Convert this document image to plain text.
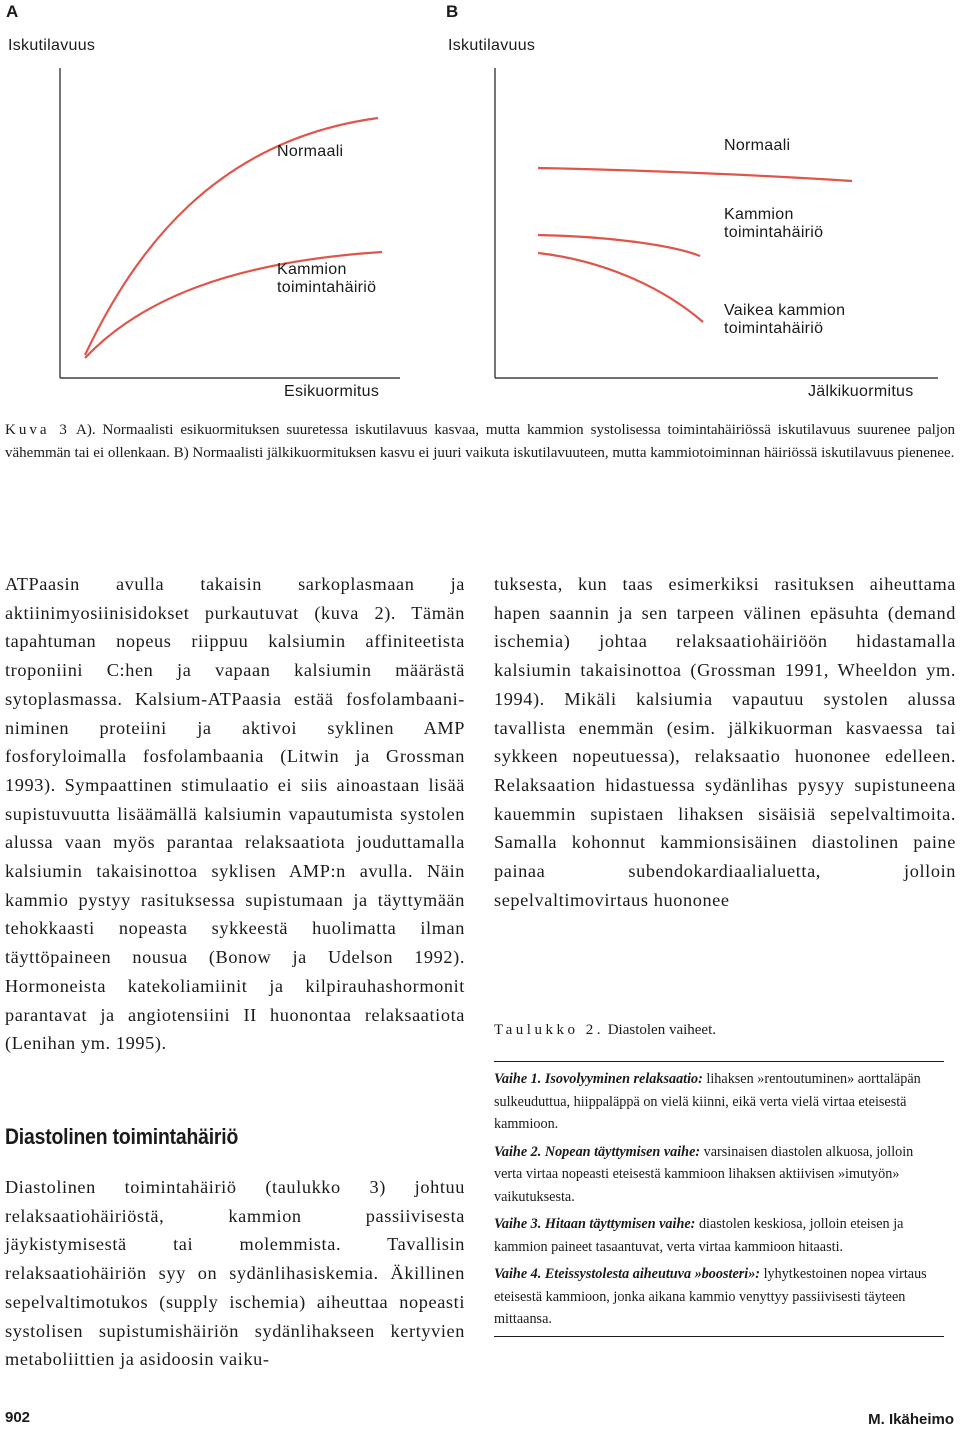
A
Iskutilavuus
Normaali
Kammion
toimintahäiriö
Esikuormitus
B
Iskutilavuus
Normaali
Kammion
toimintahäiriö
Vaikea kammion
toimintahäiriö
Jälkikuormitus
Kuva 3 A). Normaalisti esikuormituksen suuretessa iskutilavuus kasvaa, mutta kammion systolisessa toimintahäiriössä iskutilavuus suurenee paljon vähemmän tai ei ollenkaan. B) Normaalisti jälkikuormituksen kasvu ei juuri vaikuta iskutilavuuteen, mutta kammiotoiminnan häiriössä iskutilavuus pienenee.

ATPaasin avulla takaisin sarkoplasmaan ja aktiinimyosiinisidokset purkautuvat (kuva 2). Tämän tapahtuman nopeus riippuu kalsiumin affiniteetista troponiini C:hen ja vapaan kalsiumin määrästä sytoplasmassa. Kalsium-ATPaasia estää fosfolambaani-niminen proteiini ja aktivoi syklinen AMP fosforyloimalla fosfolambaania (Litwin ja Grossman 1993). Sympaattinen stimulaatio ei siis ainoastaan lisää supistuvuutta lisäämällä kalsiumin vapautumista systolen alussa vaan myös parantaa relaksaatiota jouduttamalla kalsiumin takaisinottoa syklisen AMP:n avulla. Näin kammio pystyy rasituksessa supistumaan ja täyttymään tehokkaasti nopeasta sykkeestä huolimatta ilman täyttöpaineen nousua (Bonow ja Udelson 1992). Hormoneista katekoliamiinit ja kilpirauhashormonit parantavat ja angiotensiini II huonontaa relaksaatiota (Lenihan ym. 1995).

Diastolinen toimintahäiriö

Diastolinen toimintahäiriö (taulukko 3) johtuu relaksaatiohäiriöstä, kammion passiivisesta jäykistymisestä tai molemmista. Tavallisin relaksaatiohäiriön syy on sydänlihasiskemia. Äkillinen sepelvaltimotukos (supply ischemia) aiheuttaa nopeasti systolisen supistumishäiriön sydänlihakseen kertyvien metaboliittien ja asidoosin vaiku-

tuksesta, kun taas esimerkiksi rasituksen aiheuttama hapen saannin ja sen tarpeen välinen epäsuhta (demand ischemia) johtaa relaksaatiohäiriöön hidastamalla kalsiumin takaisinottoa (Grossman 1991, Wheeldon ym. 1994). Mikäli kalsiumia vapautuu systolen alussa tavallista enemmän (esim. jälkikuorman kasvaessa tai sykkeen nopeutuessa), relaksaatio huononee edelleen. Relaksaation hidastuessa sydänlihas pysyy supistuneena kauemmin supistaen lihaksen sisäisiä sepelvaltimoita. Samalla kohonnut kammionsisäinen diastolinen paine painaa subendokardiaalialuetta, jolloin sepelvaltimovirtaus huononee

Taulukko 2. Diastolen vaiheet.

Vaihe 1. Isovolyyminen relaksaatio: lihaksen »rentoutuminen» aorttaläpän sulkeuduttua, hiippaläppä on vielä kiinni, eikä verta vielä virtaa eteisestä kammioon.

Vaihe 2. Nopean täyttymisen vaihe: varsinaisen diastolen alkuosa, jolloin verta virtaa nopeasti eteisestä kammioon lihaksen aktiivisen »imutyön» vaikutuksesta.

Vaihe 3. Hitaan täyttymisen vaihe: diastolen keskiosa, jolloin eteisen ja kammion paineet tasaantuvat, verta virtaa kammioon hitaasti.

Vaihe 4. Eteissystolesta aiheutuva »boosteri»: lyhytkestoinen nopea virtaus eteisestä kammioon, jonka aikana kammio venyttyy passiivisesti täyteen mittaansa.

902	M. Ikäheimo
